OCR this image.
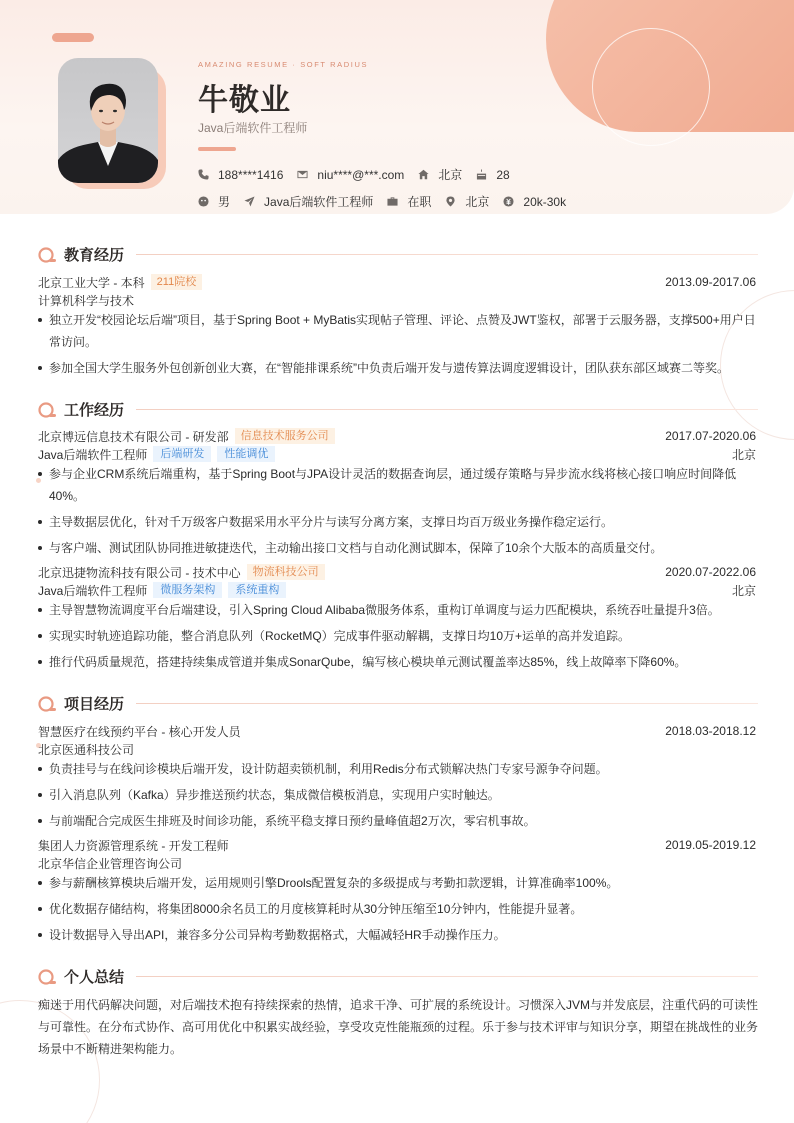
AMAZING RESUME · SOFT RADIUS
牛敬业
Java后端软件工程师
188****1416	niu****@***.com	北京	28
男	Java后端软件工程师	在职	北京	20k-30k
教育经历
北京工业大学 - 本科	211院校	2013.09-2017.06
计算机科学与技术
独立开发“校园论坛后端”项目，基于Spring Boot + MyBatis实现帖子管理、评论、点赞及JWT鉴权，部署于云服务器，支撑500+用户日常访问。
参加全国大学生服务外包创新创业大赛，在“智能排课系统”中负责后端开发与遗传算法调度逻辑设计，团队获东部区域赛二等奖。
工作经历
北京博远信息技术有限公司 - 研发部	信息技术服务公司	2017.07-2020.06
Java后端软件工程师	后端研发	性能调优	北京
参与企业CRM系统后端重构，基于Spring Boot与JPA设计灵活的数据查询层，通过缓存策略与异步流水线将核心接口响应时间降低40%。
主导数据层优化，针对千万级客户数据采用水平分片与读写分离方案，支撑日均百万级业务操作稳定运行。
与客户端、测试团队协同推进敏捷迭代，主动输出接口文档与自动化测试脚本，保障了10余个大版本的高质量交付。
北京迅捷物流科技有限公司 - 技术中心	物流科技公司	2020.07-2022.06
Java后端软件工程师	微服务架构	系统重构	北京
主导智慧物流调度平台后端建设，引入Spring Cloud Alibaba微服务体系，重构订单调度与运力匹配模块，系统吞吐量提升3倍。
实现实时轨迹追踪功能，整合消息队列（RocketMQ）完成事件驱动解耦，支撑日均10万+运单的高并发追踪。
推行代码质量规范，搭建持续集成管道并集成SonarQube，编写核心模块单元测试覆盖率达85%，线上故障率下降60%。
项目经历
智慧医疗在线预约平台 - 核心开发人员	2018.03-2018.12
北京医通科技公司
负责挂号与在线问诊模块后端开发，设计防超卖锁机制，利用Redis分布式锁解决热门专家号源争夺问题。
引入消息队列（Kafka）异步推送预约状态，集成微信模板消息，实现用户实时触达。
与前端配合完成医生排班及时间诊功能，系统平稳支撑日预约量峰值超2万次，零宕机事故。
集团人力资源管理系统 - 开发工程师	2019.05-2019.12
北京华信企业管理咨询公司
参与薪酬核算模块后端开发，运用规则引擎Drools配置复杂的多级提成与考勤扣款逻辑，计算准确率100%。
优化数据存储结构，将集团8000余名员工的月度核算耗时从30分钟压缩至10分钟内，性能提升显著。
设计数据导入导出API，兼容多分公司异构考勤数据格式，大幅减轻HR手动操作压力。
个人总结
痴迷于用代码解决问题，对后端技术抱有持续探索的热情，追求干净、可扩展的系统设计。习惯深入JVM与并发底层，注重代码的可读性与可靠性。在分布式协作、高可用优化中积累实战经验，享受攻克性能瓶颈的过程。乐于参与技术评审与知识分享，期望在挑战性的业务场景中不断精进架构能力。
